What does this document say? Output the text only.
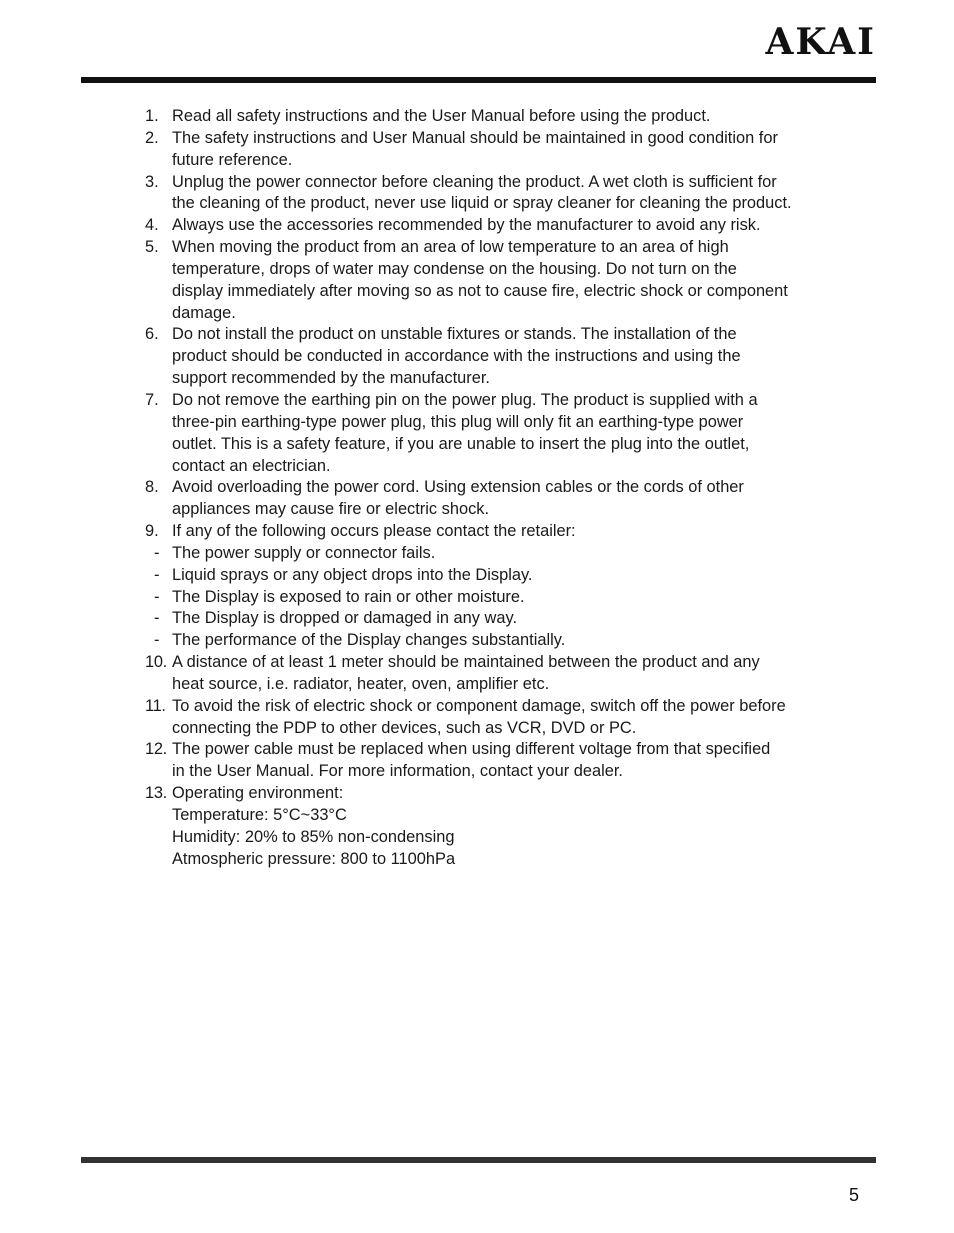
AKAI
1. Read all safety instructions and the User Manual before using the product.
2. The safety instructions and User Manual should be maintained in good condition for
future reference.
3. Unplug the power connector before cleaning the product. A wet cloth is sufficient for
the cleaning of the product, never use liquid or spray cleaner for cleaning the product.
4. Always use the accessories recommended by the manufacturer to avoid any risk.
5. When moving the product from an area of low temperature to an area of high
temperature, drops of water may condense on the housing. Do not turn on the
display immediately after moving so as not to cause fire, electric shock or component
damage.
6. Do not install the product on unstable fixtures or stands. The installation of the
product should be conducted in accordance with the instructions and using the
support recommended by the manufacturer.
7. Do not remove the earthing pin on the power plug. The product is supplied with a
three-pin earthing-type power plug, this plug will only fit an earthing-type power
outlet. This is a safety feature, if you are unable to insert the plug into the outlet,
contact an electrician.
8. Avoid overloading the power cord. Using extension cables or the cords of other
appliances may cause fire or electric shock.
9. If any of the following occurs please contact the retailer:
- The power supply or connector fails.
- Liquid sprays or any object drops into the Display.
- The Display is exposed to rain or other moisture.
- The Display is dropped or damaged in any way.
- The performance of the Display changes substantially.
10. A distance of at least 1 meter should be maintained between the product and any
heat source, i.e. radiator, heater, oven, amplifier etc.
11. To avoid the risk of electric shock or component damage, switch off the power before
connecting the PDP to other devices, such as VCR, DVD or PC.
12. The power cable must be replaced when using different voltage from that specified
in the User Manual. For more information, contact your dealer.
13. Operating environment:
Temperature: 5°C~33°C
Humidity: 20% to 85% non-condensing
Atmospheric pressure: 800 to 1100hPa
5
